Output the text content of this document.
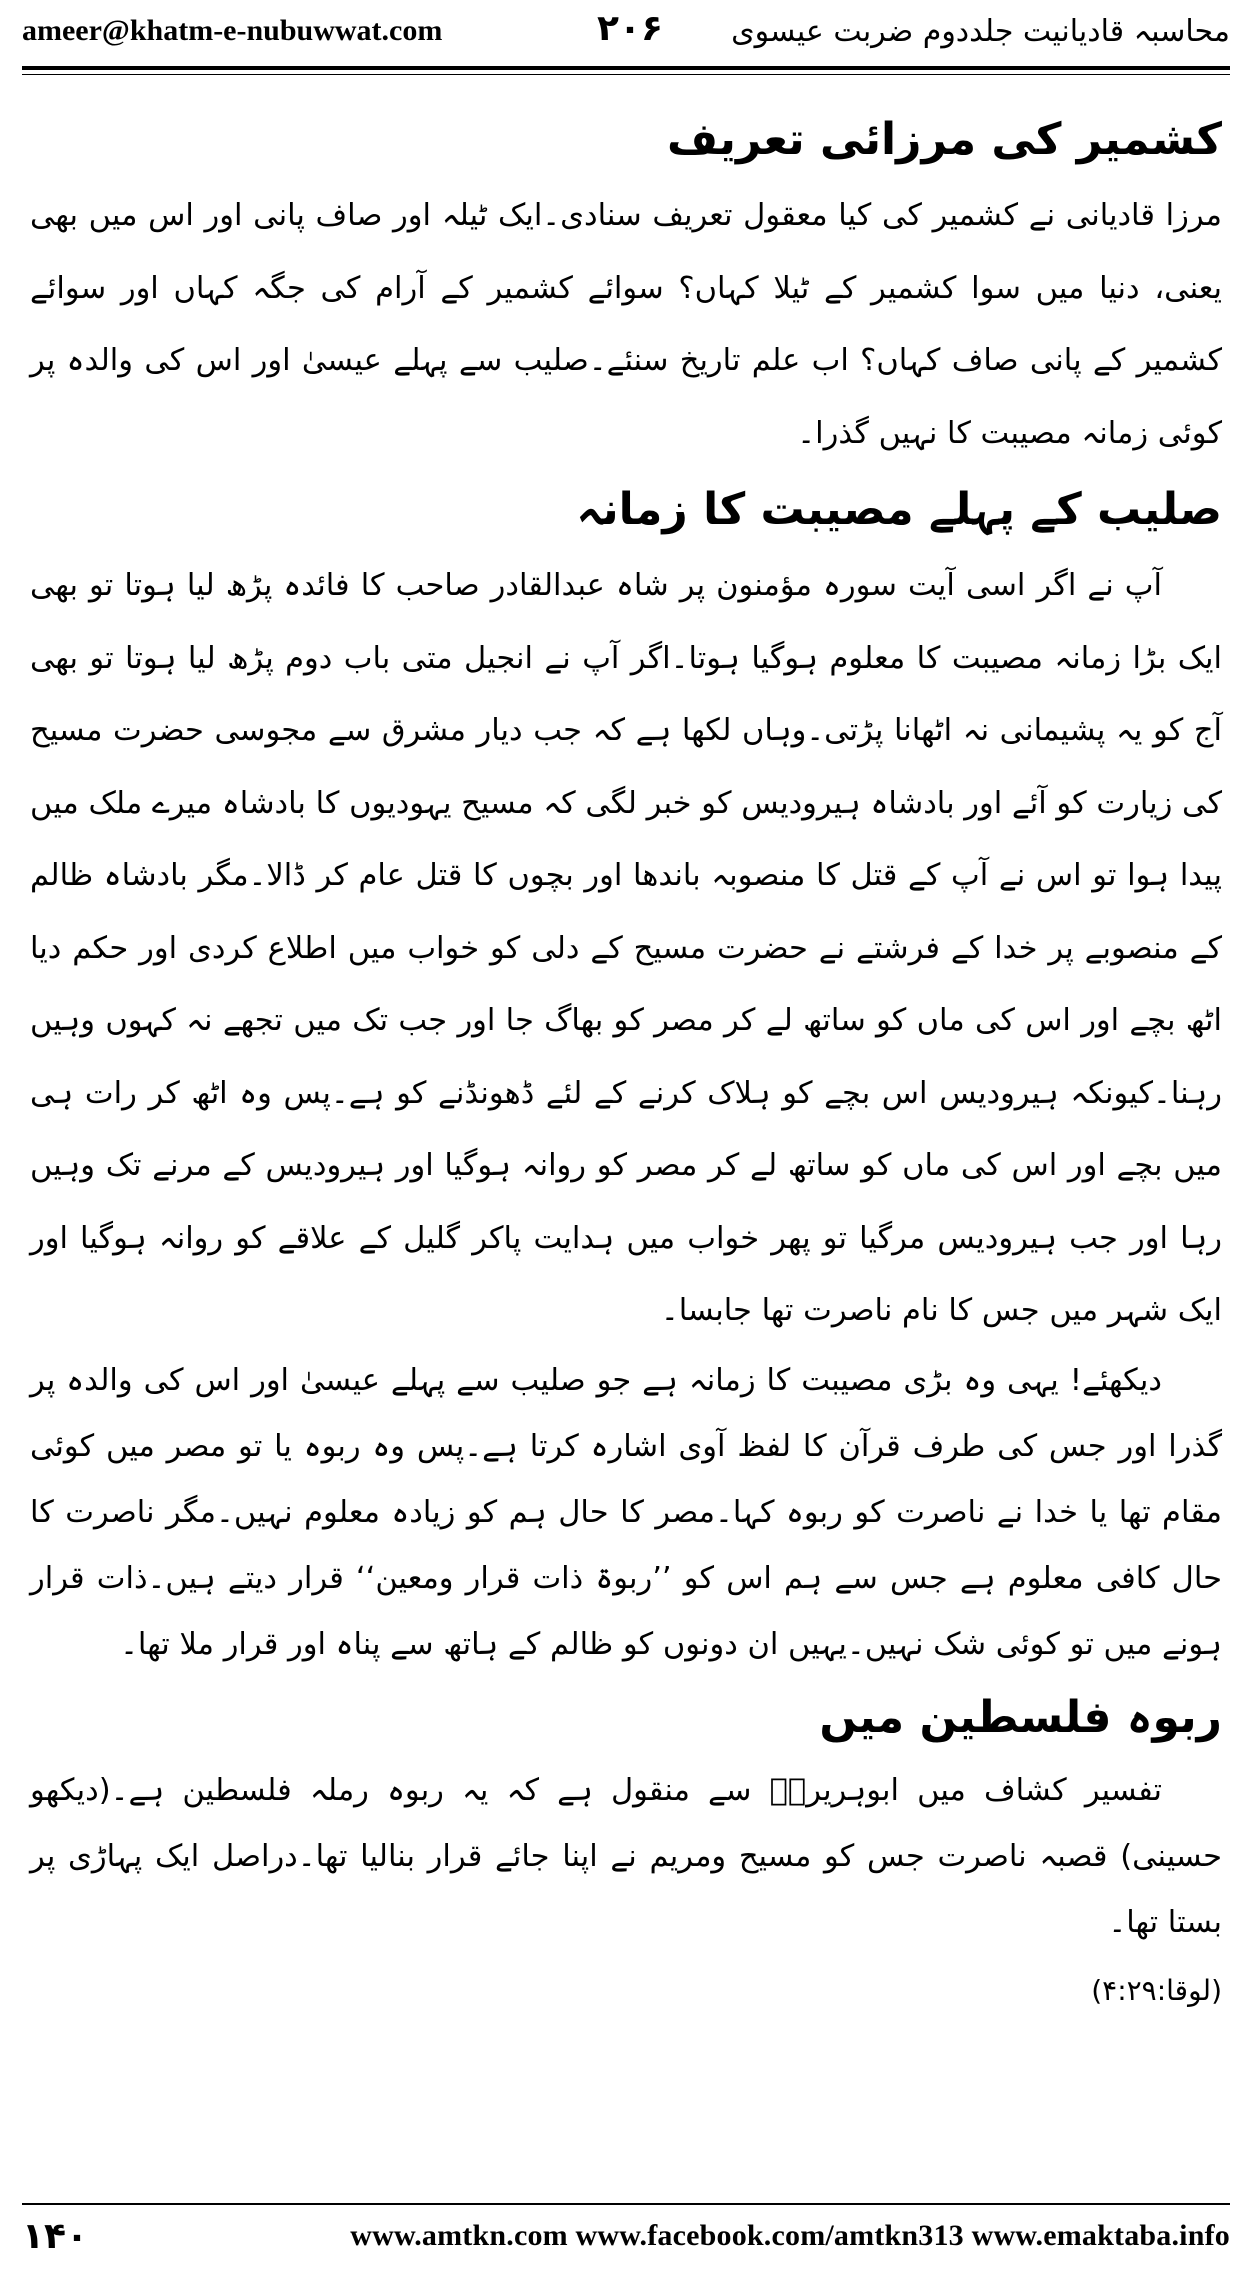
ameer@khatm-e-nubuwwat.com	۲۰۶ محاسبہ قادیانیت جلددوم ضربت عیسوی
کشمیر کی مرزائی تعریف

مرزا قادیانی نے کشمیر کی کیا معقول تعریف سنادی۔ایک ٹیلہ اور صاف پانی اور اس میں بھی یعنی، دنیا میں سوا کشمیر کے ٹیلا کہاں؟ سوائے کشمیر کے آرام کی جگہ کہاں اور سوائے کشمیر کے پانی صاف کہاں؟ اب علم تاریخ سنئے۔صلیب سے پہلے عیسیٰ اور اس کی والدہ پر کوئی زمانہ مصیبت کا نہیں گذرا۔

صلیب کے پہلے مصیبت کا زمانہ

آپ نے اگر اسی آیت سورہ مؤمنون پر شاہ عبدالقادر صاحب کا فائدہ پڑھ لیا ہوتا تو بھی ایک بڑا زمانہ مصیبت کا معلوم ہوگیا ہوتا۔اگر آپ نے انجیل متی باب دوم پڑھ لیا ہوتا تو بھی آج کو یہ پشیمانی نہ اٹھانا پڑتی۔وہاں لکھا ہے کہ جب دیار مشرق سے مجوسی حضرت مسیح کی زیارت کو آئے اور بادشاہ ہیرودیس کو خبر لگی کہ مسیح یہودیوں کا بادشاہ میرے ملک میں پیدا ہوا تو اس نے آپ کے قتل کا منصوبہ باندھا اور بچوں کا قتل عام کر ڈالا۔مگر بادشاہ ظالم کے منصوبے پر خدا کے فرشتے نے حضرت مسیح کے دلی کو خواب میں اطلاع کردی اور حکم دیا اٹھ بچے اور اس کی ماں کو ساتھ لے کر مصر کو بھاگ جا اور جب تک میں تجھے نہ کہوں وہیں رہنا۔کیونکہ ہیرودیس اس بچے کو ہلاک کرنے کے لئے ڈھونڈنے کو ہے۔پس وہ اٹھ کر رات ہی میں بچے اور اس کی ماں کو ساتھ لے کر مصر کو روانہ ہوگیا اور ہیرودیس کے مرنے تک وہیں رہا اور جب ہیرودیس مرگیا تو پھر خواب میں ہدایت پاکر گلیل کے علاقے کو روانہ ہوگیا اور ایک شہر میں جس کا نام ناصرت تھا جابسا۔

دیکھئے! یہی وہ بڑی مصیبت کا زمانہ ہے جو صلیب سے پہلے عیسیٰ اور اس کی والدہ پر گذرا اور جس کی طرف قرآن کا لفظ آوی اشارہ کرتا ہے۔پس وہ ربوہ یا تو مصر میں کوئی مقام تھا یا خدا نے ناصرت کو ربوہ کہا۔مصر کا حال ہم کو زیادہ معلوم نہیں۔مگر ناصرت کا حال کافی معلوم ہے جس سے ہم اس کو ’’ربوۃ ذات قرار ومعین‘‘ قرار دیتے ہیں۔ذات قرار ہونے میں تو کوئی شک نہیں۔یہیں ان دونوں کو ظالم کے ہاتھ سے پناہ اور قرار ملا تھا۔

ربوہ فلسطین میں

تفسیر کشاف میں ابوہریرہؓ سے منقول ہے کہ یہ ربوہ رملہ فلسطین ہے۔(دیکھو حسینی) قصبہ ناصرت جس کو مسیح ومریم نے اپنا جائے قرار بنالیا تھا۔دراصل ایک پہاڑی پر بستا تھا۔

(لوقا:۴:۲۹)

۱۴۰	www.amtkn.com www.facebook.com/amtkn313 www.emaktaba.info
